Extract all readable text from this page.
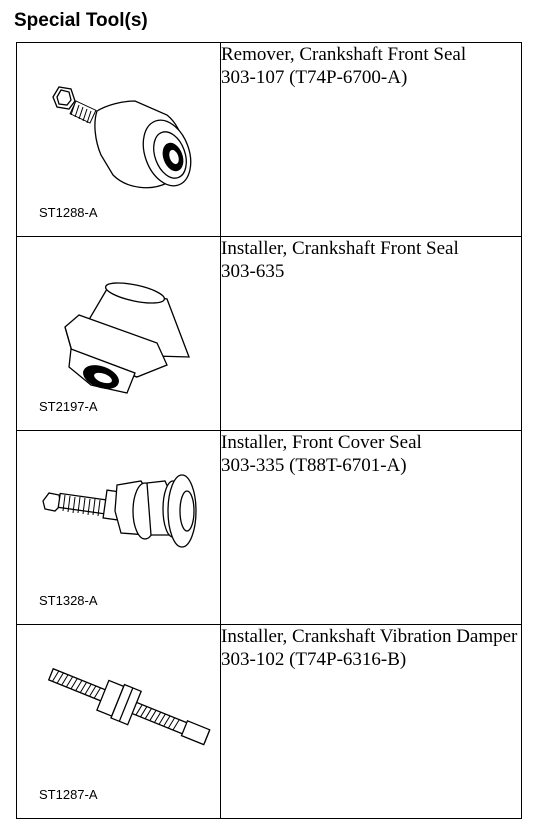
Special Tool(s)
ST1288-A	Remover, Crankshaft Front Seal
303-107 (T74P-6700-A)

ST2197-A	Installer, Crankshaft Front Seal
303-635

ST1328-A	Installer, Front Cover Seal
303-335 (T88T-6701-A)

ST1287-A	Installer, Crankshaft Vibration Damper
303-102 (T74P-6316-B)
